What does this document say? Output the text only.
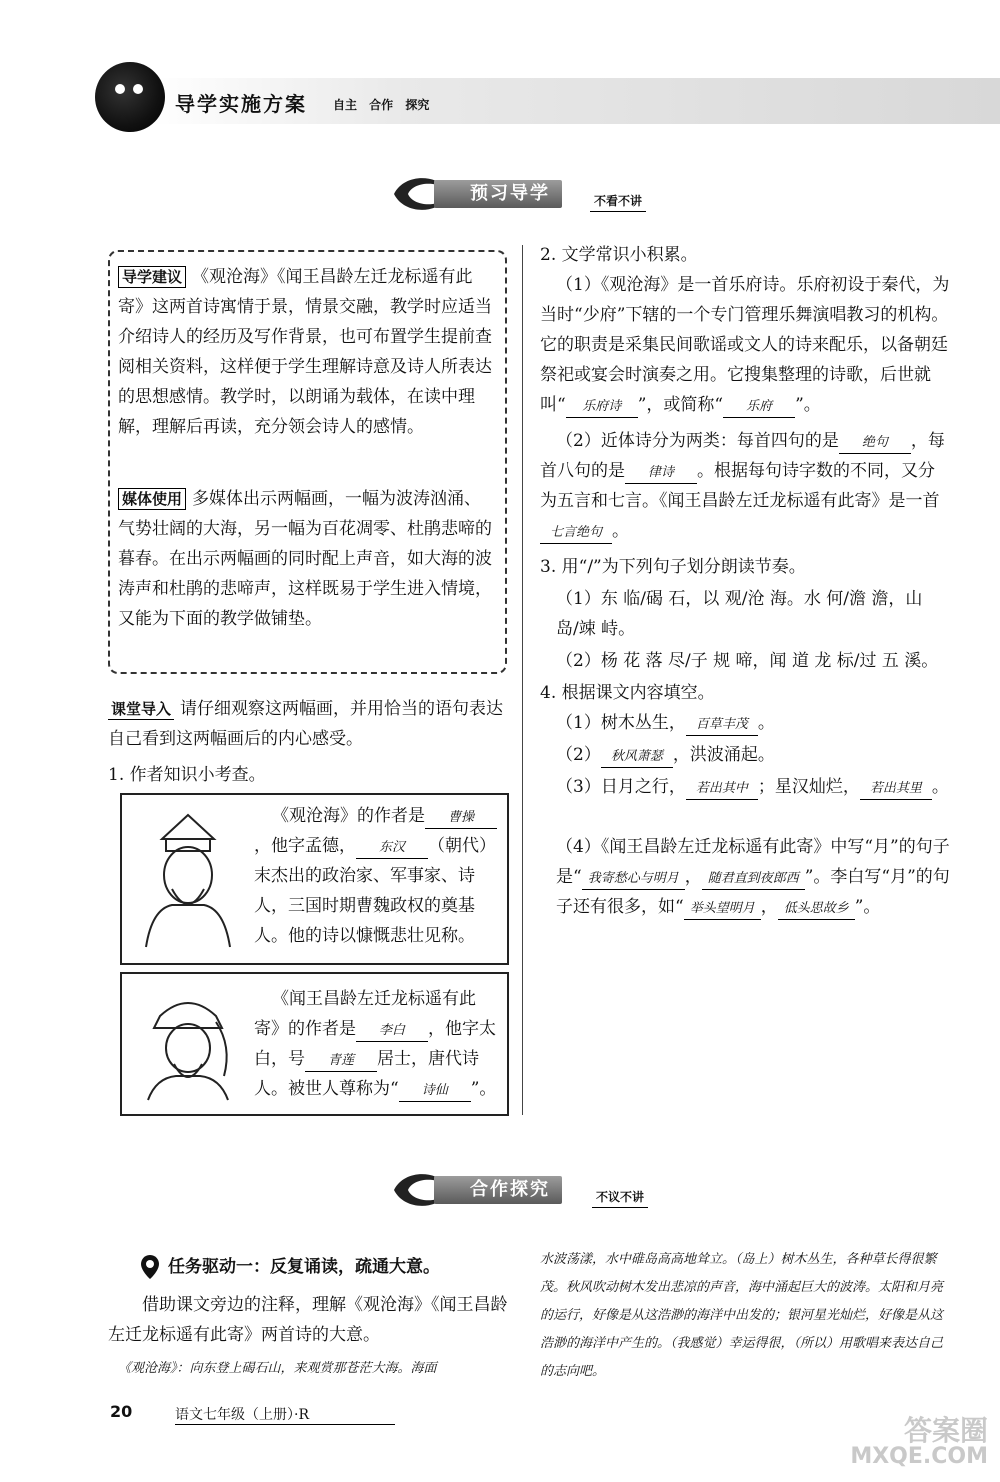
导学实施方案 自主 合作 探究
预习导学	不看不讲
导学建议 《观沧海》《闻王昌龄左迁龙标遥有此寄》这两首诗寓情于景，情景交融，教学时应适当介绍诗人的经历及写作背景，也可布置学生提前查阅相关资料，这样便于学生理解诗意及诗人所表达的思想感情。教学时，以朗诵为载体，在读中理解，理解后再读，充分领会诗人的感情。
媒体使用 多媒体出示两幅画，一幅为波涛汹涌、气势壮阔的大海，另一幅为百花凋零、杜鹃悲啼的暮春。在出示两幅画的同时配上声音，如大海的波涛声和杜鹃的悲啼声，这样既易于学生进入情境，又能为下面的教学做铺垫。
课堂导入 请仔细观察这两幅画，并用恰当的语句表达自己看到这两幅画后的内心感受。
1. 作者知识小考查。
《观沧海》的作者是 曹操，他字孟德， 东汉 （朝代）末杰出的政治家、军事家、诗人，三国时期曹魏政权的奠基人。他的诗以慷慨悲壮见称。
《闻王昌龄左迁龙标遥有此寄》的作者是 李白 ，他字太白，号 青莲 居士，唐代诗人。被世人尊称为“ 诗仙 ”。
2. 文学常识小积累。
（1）《观沧海》是一首乐府诗。乐府初设于秦代，为当时“少府”下辖的一个专门管理乐舞演唱教习的机构。它的职责是采集民间歌谣或文人的诗来配乐，以备朝廷祭祀或宴会时演奏之用。它搜集整理的诗歌，后世就叫“ 乐府诗 ”，或简称“ 乐府 ”。
（2）近体诗分为两类：每首四句的是 绝句 ，每首八句的是 律诗 。根据每句诗字数的不同，又分为五言和七言。《闻王昌龄左迁龙标遥有此寄》是一首七言绝句 。
3. 用“/”为下列句子划分朗读节奏。
（1）东 临/碣 石，以 观/沧 海。水 何/澹 澹，山 岛/竦 峙。
（2）杨 花 落 尽/子 规 啼，闻 道 龙 标/过 五 溪。
4. 根据课文内容填空。
（1）树木丛生， 百草丰茂 。
（2） 秋风萧瑟 ，洪波涌起。
（3）日月之行， 若出其中 ；星汉灿烂， 若出其里 。
（4）《闻王昌龄左迁龙标遥有此寄》中写“月”的句子是“ 我寄愁心与明月 ， 随君直到夜郎西 ”。李白写“月”的句子还有很多，如“ 举头望明月 ， 低头思故乡 ”。
合作探究	不议不讲
任务驱动一：反复诵读，疏通大意。
借助课文旁边的注释，理解《观沧海》《闻王昌龄左迁龙标遥有此寄》两首诗的大意。
《观沧海》：向东登上碣石山，来观赏那苍茫大海。海面
水波荡漾，水中碓岛高高地耸立。（岛上）树木丛生，各种草长得很繁茂。秋风吹动树木发出悲凉的声音，海中涌起巨大的波涛。太阳和月亮的运行，好像是从这浩渺的海洋中出发的；银河星光灿烂，好像是从这浩渺的海洋中产生的。（我感觉）幸运得很，（所以）用歌唱来表达自己的志向吧。
20	语文七年级（上册）·R	答案圈
MXQE.COM
